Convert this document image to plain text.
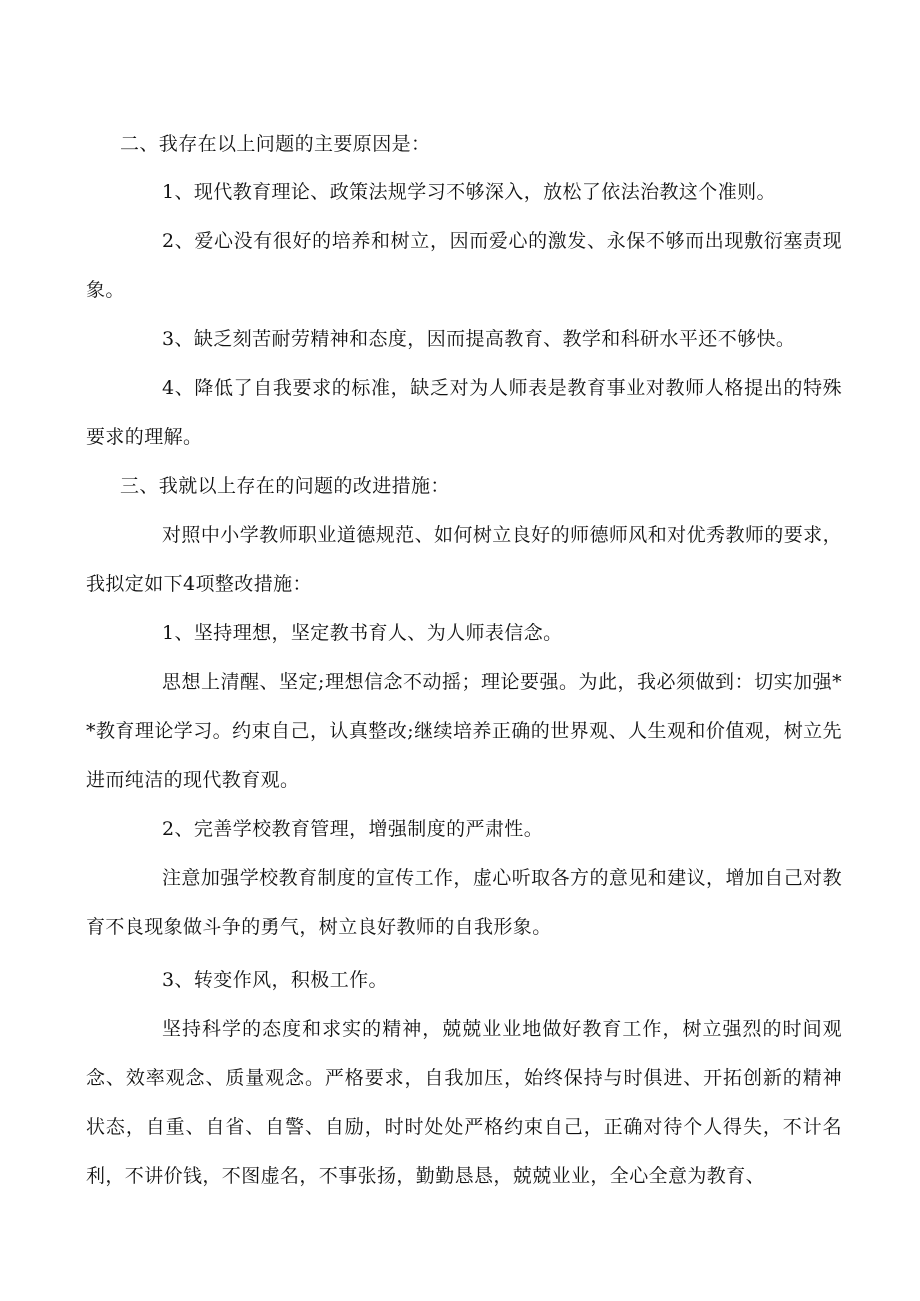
二、我存在以上问题的主要原因是：

1、现代教育理论、政策法规学习不够深入，放松了依法治教这个准则。

2、爱心没有很好的培养和树立，因而爱心的激发、永保不够而出现敷衍塞责现象。

3、缺乏刻苦耐劳精神和态度，因而提高教育、教学和科研水平还不够快。

4、降低了自我要求的标准，缺乏对为人师表是教育事业对教师人格提出的特殊要求的理解。

三、我就以上存在的问题的改进措施：

对照中小学教师职业道德规范、如何树立良好的师德师风和对优秀教师的要求，我拟定如下4项整改措施：

1、坚持理想，坚定教书育人、为人师表信念。

思想上清醒、坚定;理想信念不动摇；理论要强。为此，我必须做到：切实加强**教育理论学习。约束自己，认真整改;继续培养正确的世界观、人生观和价值观，树立先进而纯洁的现代教育观。

2、完善学校教育管理，增强制度的严肃性。

注意加强学校教育制度的宣传工作，虚心听取各方的意见和建议，增加自己对教育不良现象做斗争的勇气，树立良好教师的自我形象。

3、转变作风，积极工作。

坚持科学的态度和求实的精神，兢兢业业地做好教育工作，树立强烈的时间观念、效率观念、质量观念。严格要求，自我加压，始终保持与时俱进、开拓创新的精神状态，自重、自省、自警、自励，时时处处严格约束自己，正确对待个人得失，不计名利，不讲价钱，不图虚名，不事张扬，勤勤恳恳，兢兢业业，全心全意为教育、
